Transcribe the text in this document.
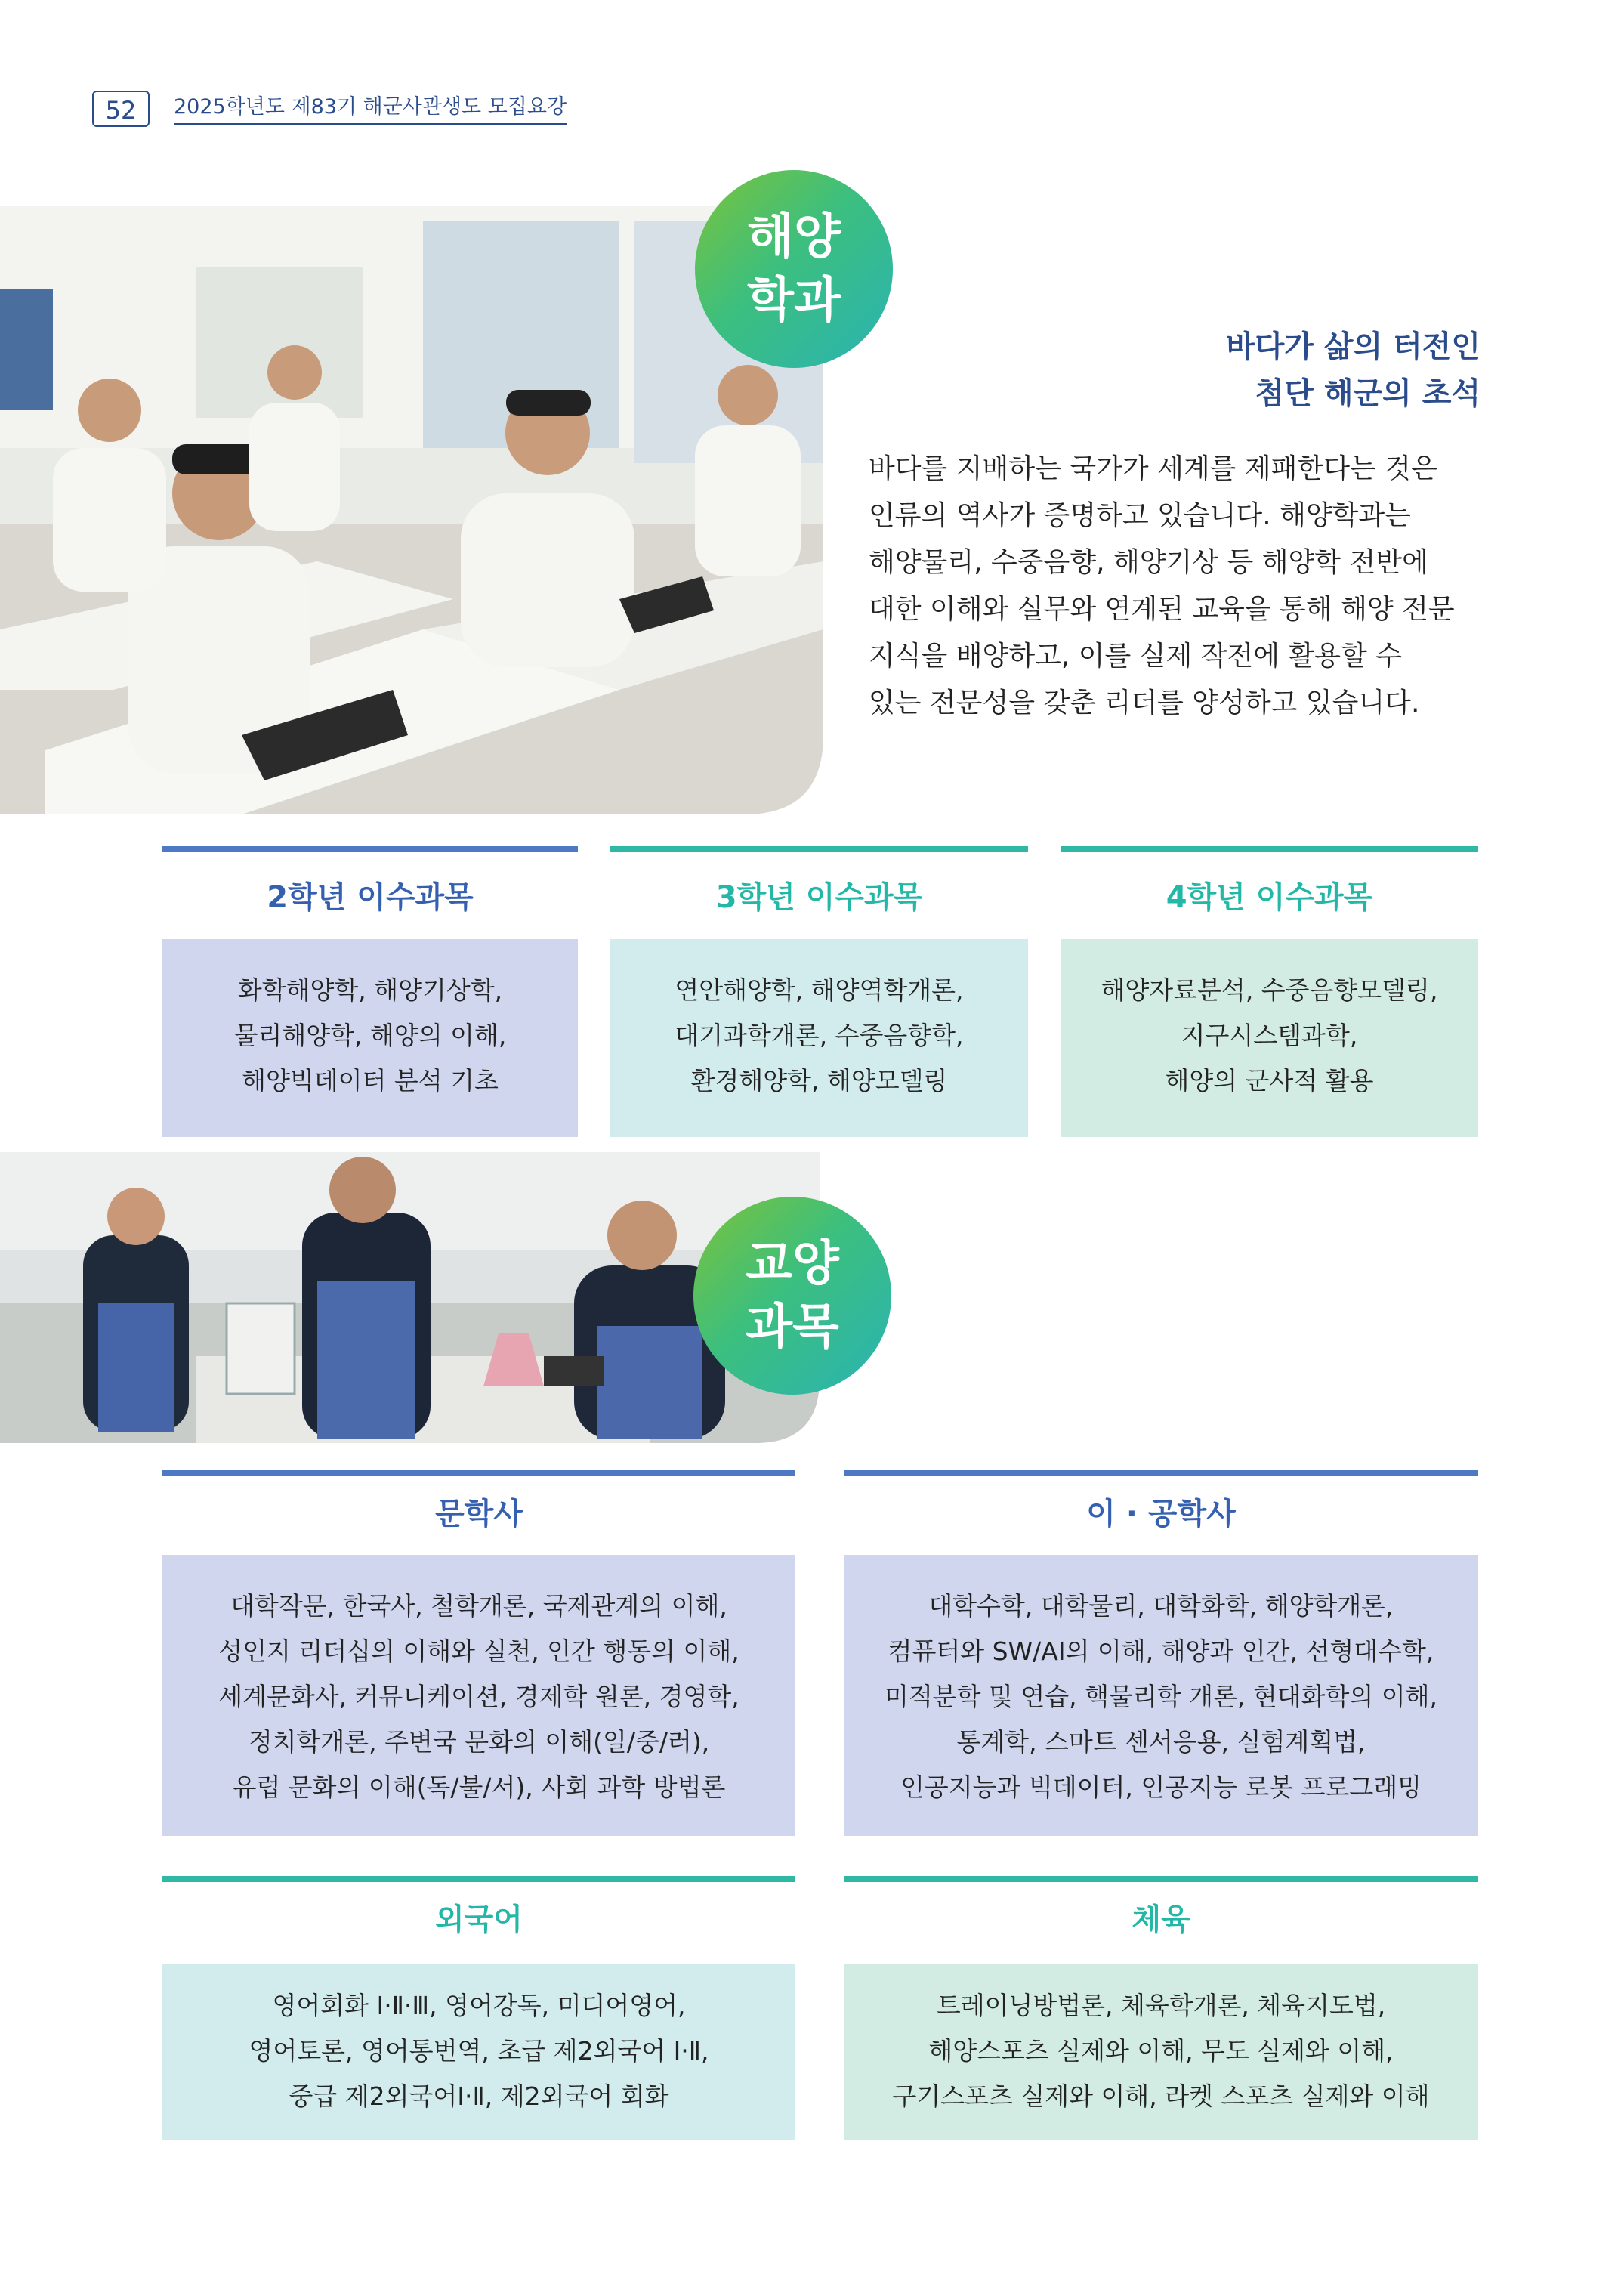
52	2025학년도 제83기 해군사관생도 모집요강
해양
학과
바다가 삶의 터전인
첨단 해군의 초석
바다를 지배하는 국가가 세계를 제패한다는 것은
인류의 역사가 증명하고 있습니다. 해양학과는
해양물리, 수중음향, 해양기상 등 해양학 전반에
대한 이해와 실무와 연계된 교육을 통해 해양 전문
지식을 배양하고, 이를 실제 작전에 활용할 수
있는 전문성을 갖춘 리더를 양성하고 있습니다.
2학년 이수과목
화학해양학, 해양기상학,
물리해양학, 해양의 이해,
해양빅데이터 분석 기초
3학년 이수과목
연안해양학, 해양역학개론,
대기과학개론, 수중음향학,
환경해양학, 해양모델링
4학년 이수과목
해양자료분석, 수중음향모델링,
지구시스템과학,
해양의 군사적 활용
교양
과목
문학사
대학작문, 한국사, 철학개론, 국제관계의 이해,
성인지 리더십의 이해와 실천, 인간 행동의 이해,
세계문화사, 커뮤니케이션, 경제학 원론, 경영학,
정치학개론, 주변국 문화의 이해(일/중/러),
유럽 문화의 이해(독/불/서), 사회 과학 방법론
이 · 공학사
대학수학, 대학물리, 대학화학, 해양학개론,
컴퓨터와 SW/AI의 이해, 해양과 인간, 선형대수학,
미적분학 및 연습, 핵물리학 개론, 현대화학의 이해,
통계학, 스마트 센서응용, 실험계획법,
인공지능과 빅데이터, 인공지능 로봇 프로그래밍
외국어
영어회화 Ⅰ·Ⅱ·Ⅲ, 영어강독, 미디어영어,
영어토론, 영어통번역, 초급 제2외국어 Ⅰ·Ⅱ,
중급 제2외국어Ⅰ·Ⅱ, 제2외국어 회화
체육
트레이닝방법론, 체육학개론, 체육지도법,
해양스포츠 실제와 이해, 무도 실제와 이해,
구기스포츠 실제와 이해, 라켓 스포츠 실제와 이해
